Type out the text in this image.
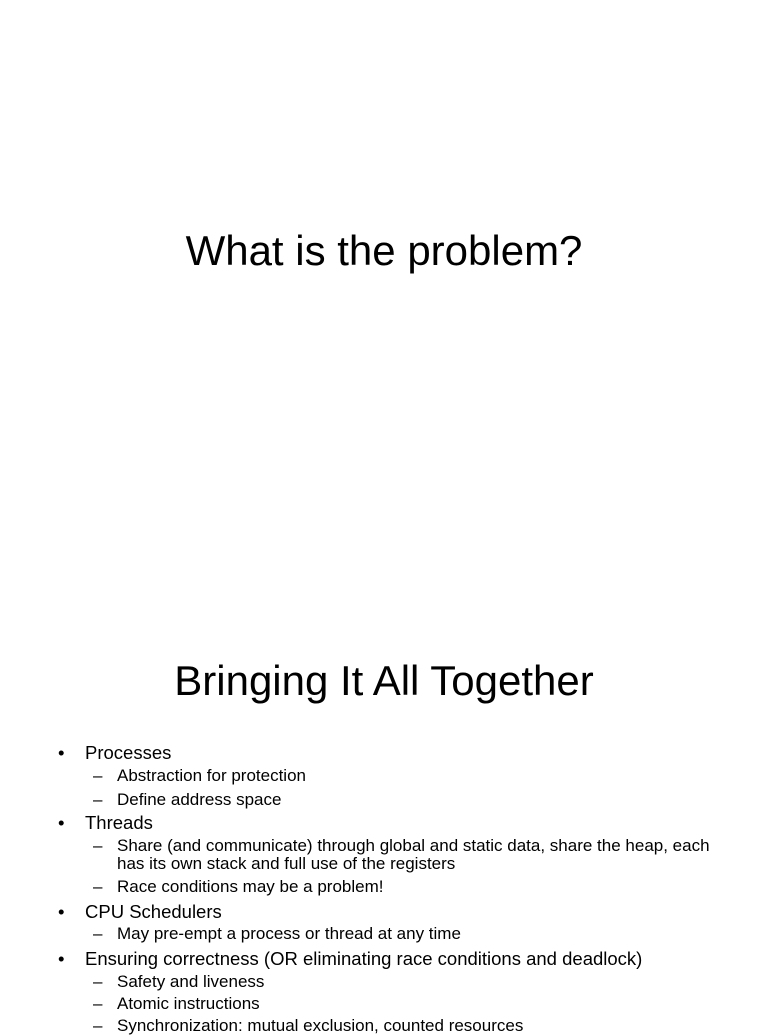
What is the problem?
Bringing It All Together
• Processes
– Abstraction for protection
– Define address space
• Threads
– Share (and communicate) through global and static data, share the heap, each has its own stack and full use of the registers
– Race conditions may be a problem!
• CPU Schedulers
– May pre-empt a process or thread at any time
• Ensuring correctness (OR eliminating race conditions and deadlock)
– Safety and liveness
– Atomic instructions
– Synchronization: mutual exclusion, counted resources
